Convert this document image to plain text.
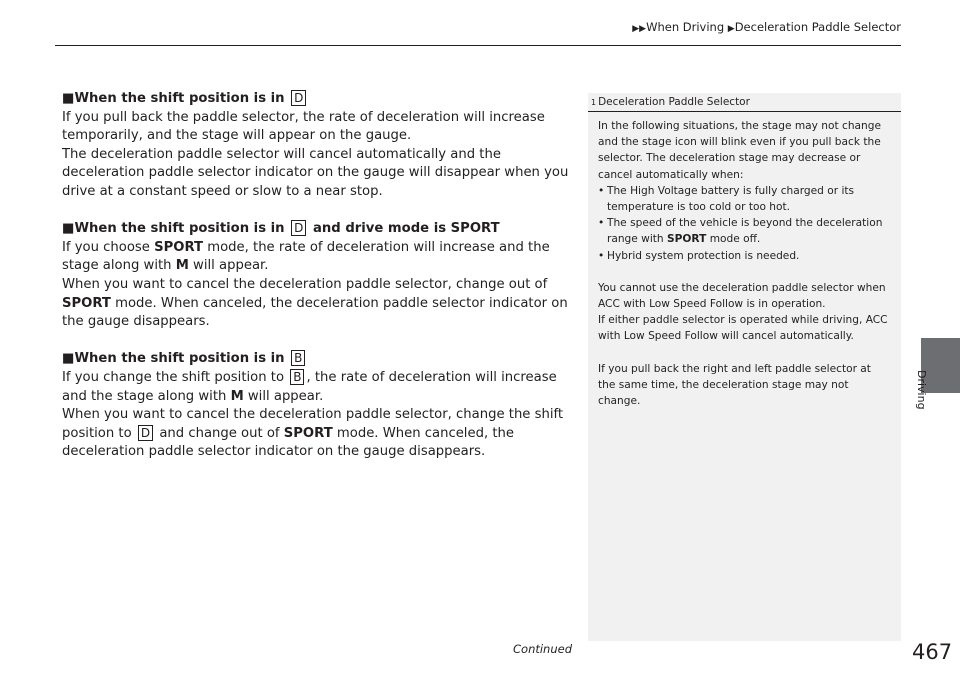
▶▶When Driving ▶Deceleration Paddle Selector

■When the shift position is in D

If you pull back the paddle selector, the rate of deceleration will increase temporarily, and the stage will appear on the gauge.

The deceleration paddle selector will cancel automatically and the deceleration paddle selector indicator on the gauge will disappear when you drive at a constant speed or slow to a near stop.

■When the shift position is in D and drive mode is SPORT

If you choose SPORT mode, the rate of deceleration will increase and the stage along with M will appear.

When you want to cancel the deceleration paddle selector, change out of SPORT mode. When canceled, the deceleration paddle selector indicator on the gauge disappears.

■When the shift position is in B

If you change the shift position to B , the rate of deceleration will increase and the stage along with M will appear.

When you want to cancel the deceleration paddle selector, change the shift position to D and change out of SPORT mode. When canceled, the deceleration paddle selector indicator on the gauge disappears.

1 Deceleration Paddle Selector

In the following situations, the stage may not change and the stage icon will blink even if you pull back the selector. The deceleration stage may decrease or cancel automatically when:

• The High Voltage battery is fully charged or its temperature is too cold or too hot.
• The speed of the vehicle is beyond the deceleration range with SPORT mode off.
• Hybrid system protection is needed.

You cannot use the deceleration paddle selector when ACC with Low Speed Follow is in operation.

If either paddle selector is operated while driving, ACC with Low Speed Follow will cancel automatically.

If you pull back the right and left paddle selector at the same time, the deceleration stage may not change.	Driving
Continued	467
